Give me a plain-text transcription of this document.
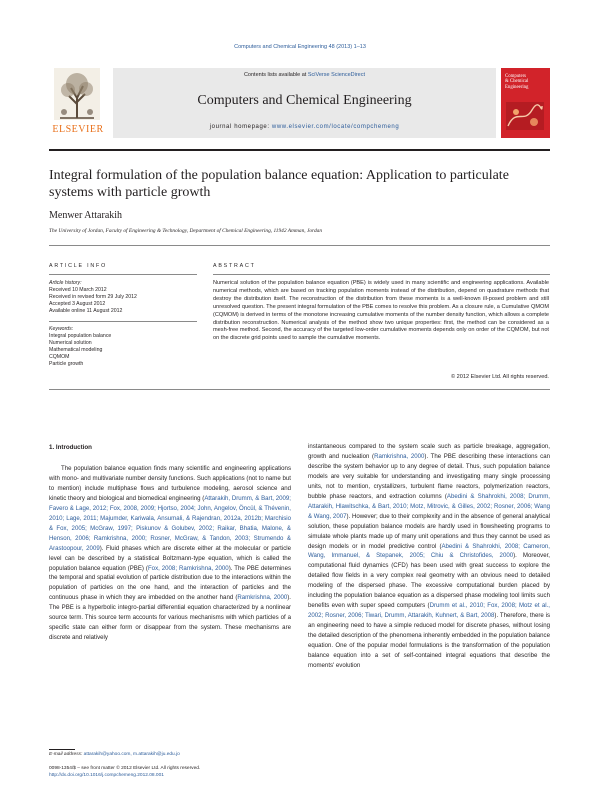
Computers and Chemical Engineering 48 (2013) 1–13
ELSEVIER
Contents lists available at SciVerse ScienceDirect
Computers and Chemical Engineering
journal homepage: www.elsevier.com/locate/compchemeng
Computers
& Chemical
Engineering
Integral formulation of the population balance equation: Application to particulate systems with particle growth
Menwer Attarakih
The University of Jordan, Faculty of Engineering & Technology, Department of Chemical Engineering, 11942 Amman, Jordan
ARTICLE INFO	ABSTRACT
Article history:
Received 10 March 2012
Received in revised form 29 July 2012
Accepted 3 August 2012
Available online 11 August 2012
Keywords:
Integral population balance
Numerical solution
Mathematical modeling
CQMOM
Particle growth
Numerical solution of the population balance equation (PBE) is widely used in many scientific and engineering applications. Available numerical methods, which are based on tracking population moments instead of the distribution, depend on quadrature methods that destroy the distribution itself. The reconstruction of the distribution from these moments is a well-known ill-posed problem and still unresolved question. The present integral formulation of the PBE comes to resolve this problem. As a closure rule, a Cumulative QMOM (CQMOM) is derived in terms of the monotone increasing cumulative moments of the number density function, which allows a complete distribution reconstruction. Numerical analysis of the method show two unique properties: first, the method can be considered as a mesh-free method. Second, the accuracy of the targeted low-order cumulative moments depends only on order of the CQMOM, but not on the discrete grid points used to sample the cumulative moments.
© 2012 Elsevier Ltd. All rights reserved.
1. Introduction
The population balance equation finds many scientific and engineering applications with mono- and multivariate number density functions. Such applications (not to name but to mention) include multiphase flows and turbulence modeling, aerosol science and kinetic theory and biological and biomedical engineering (Attarakih, Drumm, & Bart, 2009; Favero & Lage, 2012; Fox, 2008, 2009; Hjortso, 2004; John, Angelov, Öncül, & Thévenin, 2010; Lage, 2011; Majumder, Kariwala, Ansumali, & Rajendran, 2012a, 2012b; Marchisio & Fox, 2005; McGraw, 1997; Piskunov & Golubev, 2002; Raikar, Bhatia, Malone, & Henson, 2006; Ramkrishna, 2000; Rosner, McGraw, & Tandon, 2003; Strumendo & Arastoopour, 2009). Fluid phases which are discrete either at the molecular or particle level can be described by a statistical Boltzmann-type equation, which is called the population balance equation (PBE) (Fox, 2008; Ramkrishna, 2000). The PBE determines the temporal and spatial evolution of particle distribution due to the interactions within the population of particles on the one hand, and the interaction of particles and the continuous phase in which they are imbedded on the another hand (Ramkrishna, 2000). The PBE is a hyperbolic integro-partial differential equation characterized by a nonlinear source term. This source term accounts for various mechanisms with which particles of a specific state can either form or disappear from the system. These mechanisms are discrete and relatively
instantaneous compared to the system scale such as particle breakage, aggregation, growth and nucleation (Ramkrishna, 2000). The PBE describing these interactions can describe the system behavior up to any degree of detail. Thus, such population balance models are very suitable for understanding and investigating many single processing units, not to mention, crystallizers, turbulent flame reactors, polymerization reactors, bubble phase reactors, and extraction columns (Abedini & Shahrokhi, 2008; Drumm, Attarakih, Hlawitschka, & Bart, 2010; Motz, Mitrovic, & Gilles, 2002; Rosner, 2006; Wang & Wang, 2007). However; due to their complexity and in the absence of general analytical solution, these population balance models are hardly used in flowsheeting programs to simulate whole plants made up of many unit operations and thus they cannot be used as design models or in model predictive control (Abedini & Shahrokhi, 2008; Cameron, Wang, Immanuel, & Stepanek, 2005; Chiu & Christofides, 2000). Moreover, computational fluid dynamics (CFD) has been used with great success to explore the detailed flow fields in a very complex real geometry with an obvious need to detailed modeling of the dispersed phase. The excessive computational burden placed by including the population balance equation as a dispersed phase modeling tool limits such benefits even with super speed computers (Drumm et al., 2010; Fox, 2008; Motz et al., 2002; Rosner, 2006; Tiwari, Drumm, Attarakih, Kuhnert, & Bart, 2008). Therefore, there is an engineering need to have a simple reduced model for discrete phases, without losing the detailed description of the phenomena inherently embedded in the population balance equation. One of the popular model formulations is the transformation of the population balance equation into a set of self-contained integral equations that describe the moments' evolution
E-mail address: attarakih@yahoo.com, m.attarakih@ju.edu.jo
0098-1354/$ – see front matter © 2012 Elsevier Ltd. All rights reserved.
http://dx.doi.org/10.1016/j.compchemeng.2012.08.001
